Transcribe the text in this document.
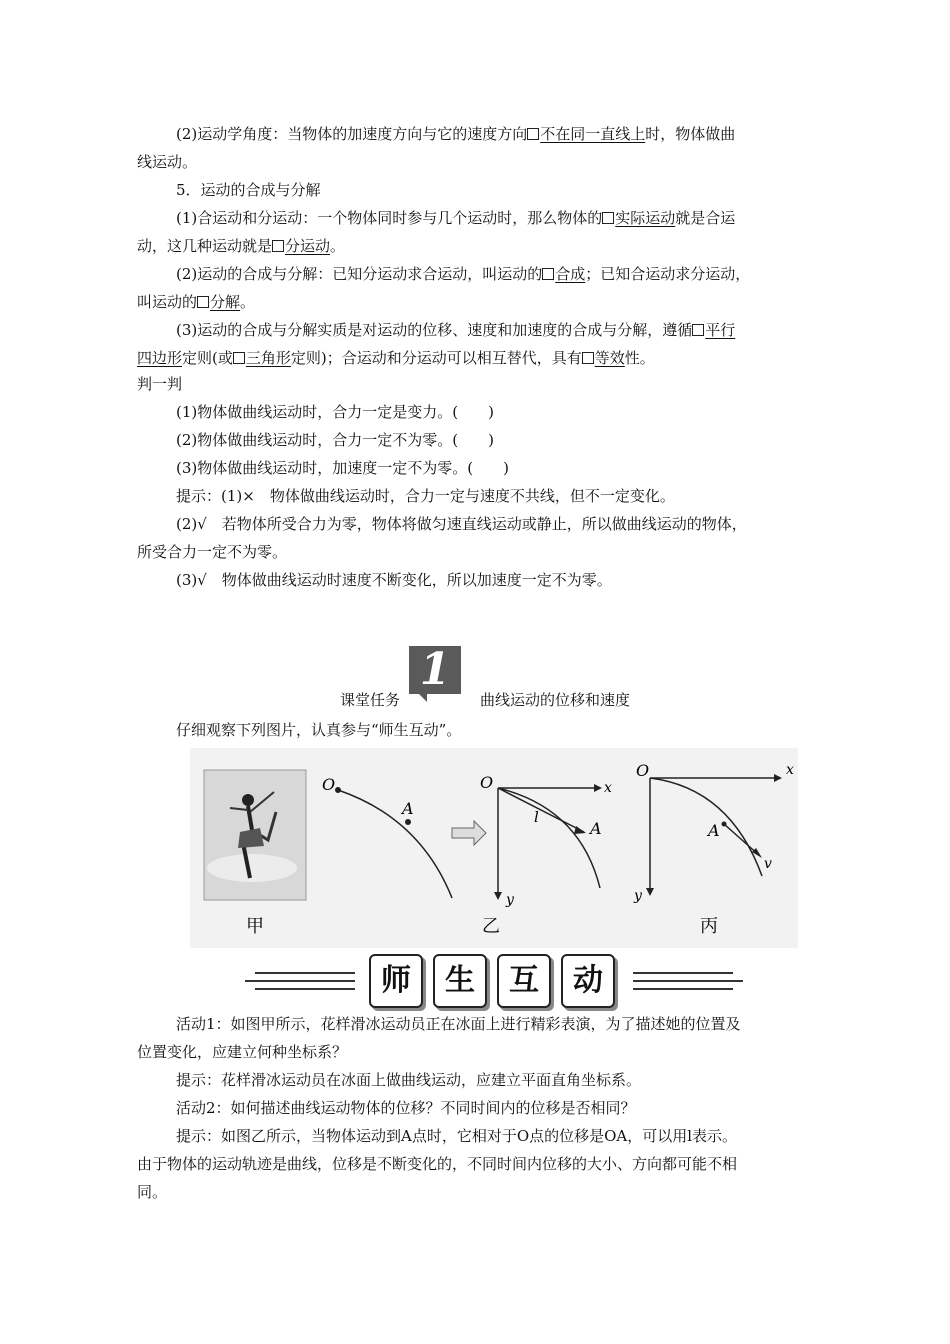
(2)运动学角度：当物体的加速度方向与它的速度方向 不在同一直线上时，物体做曲
线运动。
5．运动的合成与分解
(1)合运动和分运动：一个物体同时参与几个运动时，那么物体的 实际运动就是合运
动，这几种运动就是 分运动。
(2)运动的合成与分解：已知分运动求合运动，叫运动的 合成；已知合运动求分运动，
叫运动的 分解。
(3)运动的合成与分解实质是对运动的位移、速度和加速度的合成与分解，遵循 平行
四边形定则(或 三角形定则)；合运动和分运动可以相互替代，具有 等效性。
判一判
(1)物体做曲线运动时，合力一定是变力。(　　)
(2)物体做曲线运动时，合力一定不为零。(　　)
(3)物体做曲线运动时，加速度一定不为零。(　　)
提示：(1)×　物体做曲线运动时，合力一定与速度不共线，但不一定变化。
(2)√　若物体所受合力为零，物体将做匀速直线运动或静止，所以做曲线运动的物体，
所受合力一定不为零。
(3)√　物体做曲线运动时速度不断变化，所以加速度一定不为零。
1
课堂任务	曲线运动的位移和速度
仔细观察下列图片，认真参与“师生互动”。
O
A
O	x
y
l
A
O	x
y
A
v
甲	乙	丙
师	生	互	动
活动1：如图甲所示，花样滑冰运动员正在冰面上进行精彩表演，为了描述她的位置及
位置变化，应建立何种坐标系？
提示：花样滑冰运动员在冰面上做曲线运动，应建立平面直角坐标系。
活动2：如何描述曲线运动物体的位移？不同时间内的位移是否相同？
提示：如图乙所示，当物体运动到A点时，它相对于O点的位移是OA，可以用l表示。
由于物体的运动轨迹是曲线，位移是不断变化的，不同时间内位移的大小、方向都可能不相
同。
